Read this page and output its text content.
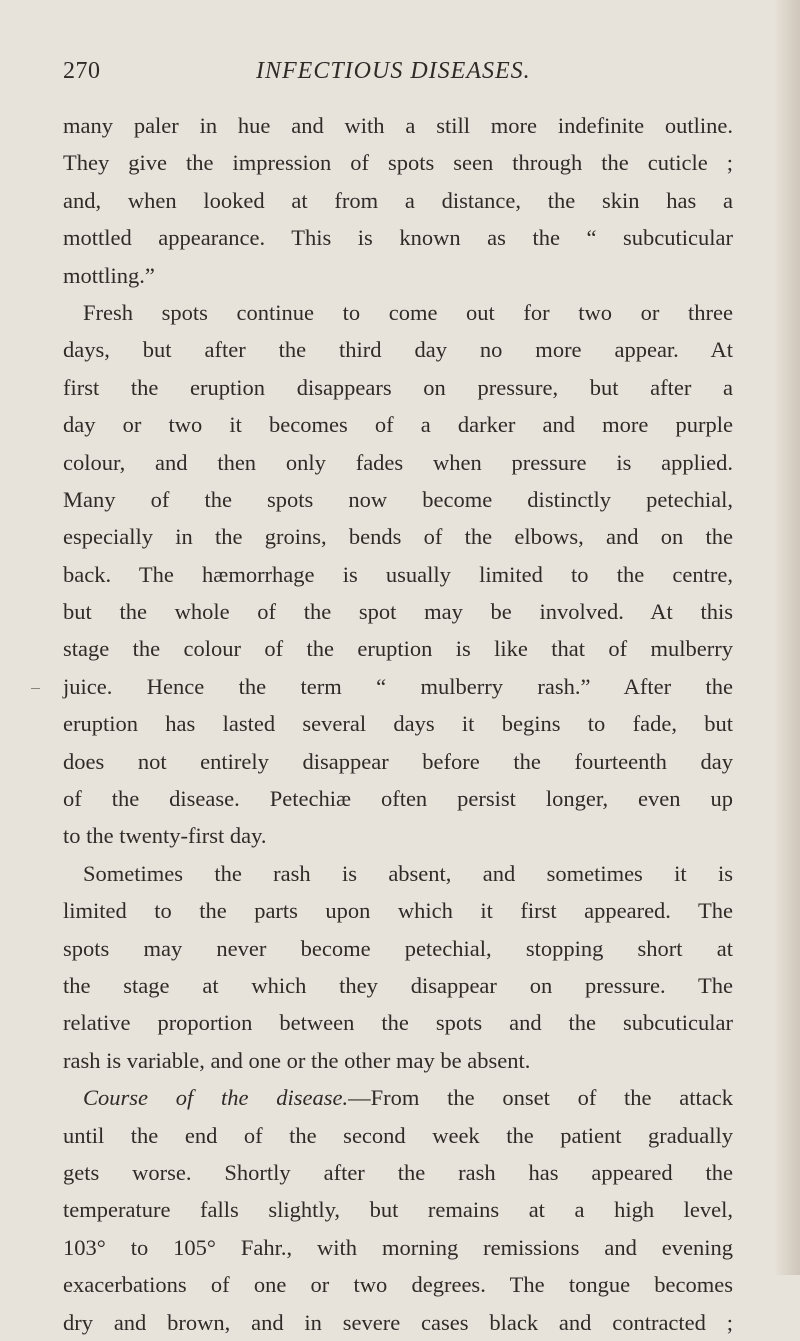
270	INFECTIOUS DISEASES.
many paler in hue and with a still more indefinite outline.
They give the impression of spots seen through the cuticle ;
and, when looked at from a distance, the skin has a
mottled appearance. This is known as the “ subcuticular
mottling.”
Fresh spots continue to come out for two or three
days, but after the third day no more appear. At
first the eruption disappears on pressure, but after a
day or two it becomes of a darker and more purple
colour, and then only fades when pressure is applied.
Many of the spots now become distinctly petechial,
especially in the groins, bends of the elbows, and on the
back. The hæmorrhage is usually limited to the centre,
but the whole of the spot may be involved. At this
stage the colour of the eruption is like that of mulberry
juice. Hence the term “ mulberry rash.” After the
eruption has lasted several days it begins to fade, but
does not entirely disappear before the fourteenth day
of the disease. Petechiæ often persist longer, even up
to the twenty-first day.
Sometimes the rash is absent, and sometimes it is
limited to the parts upon which it first appeared. The
spots may never become petechial, stopping short at
the stage at which they disappear on pressure. The
relative proportion between the spots and the subcuticular
rash is variable, and one or the other may be absent.
Course of the disease.—From the onset of the attack
until the end of the second week the patient gradually
gets worse. Shortly after the rash has appeared the
temperature falls slightly, but remains at a high level,
103° to 105° Fahr., with morning remissions and evening
exacerbations of one or two degrees. The tongue becomes
dry and brown, and in severe cases black and contracted ;
